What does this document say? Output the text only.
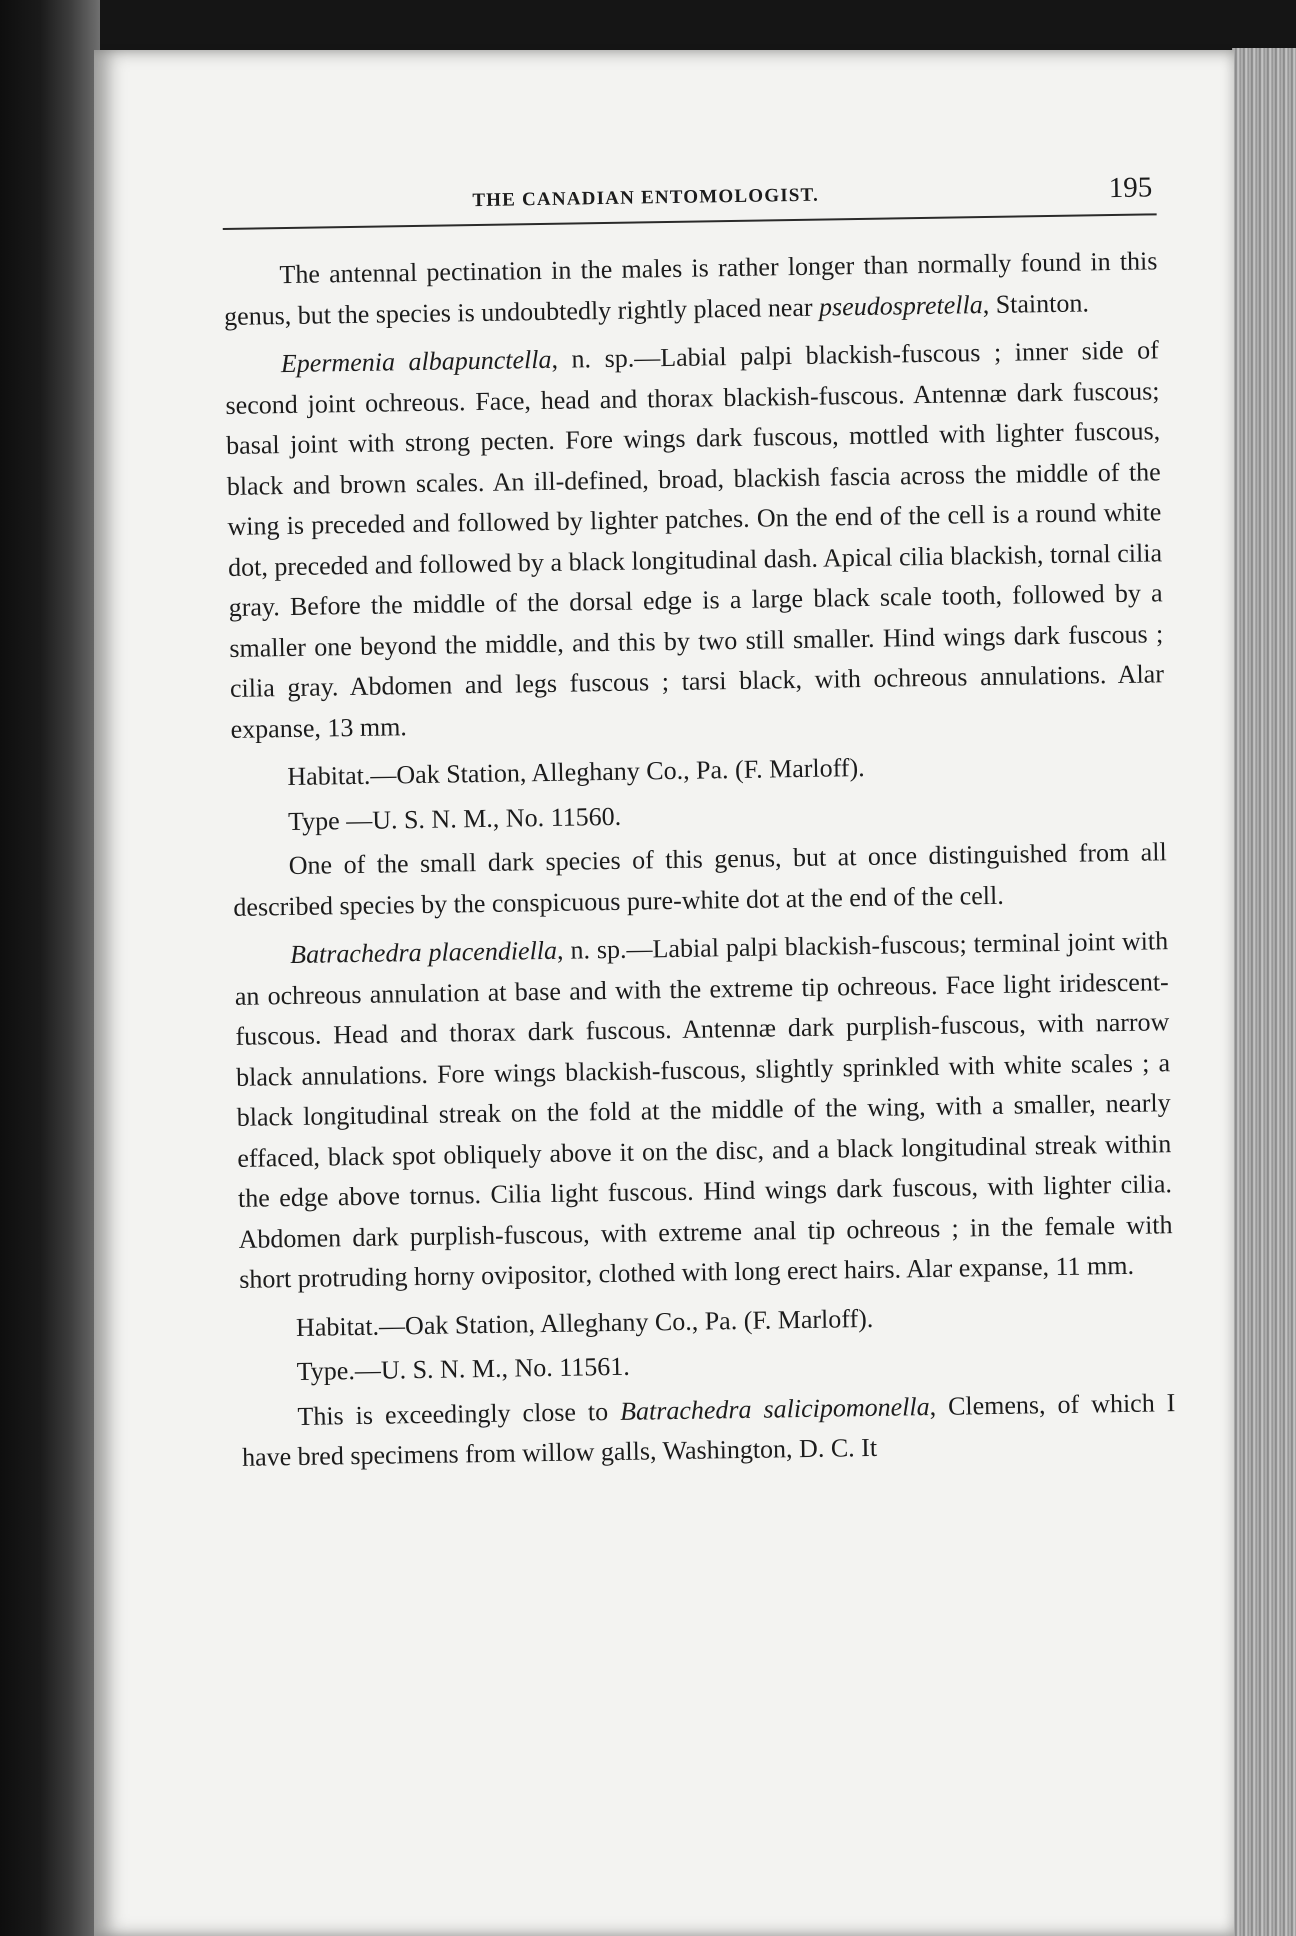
THE CANADIAN ENTOMOLOGIST.	195

The antennal pectination in the males is rather longer than normally found in this genus, but the species is undoubtedly rightly placed near pseudospretella, Stainton.

Epermenia albapunctella, n. sp.—Labial palpi blackish-fuscous ; inner side of second joint ochreous. Face, head and thorax blackish-fuscous. Antennæ dark fuscous; basal joint with strong pecten. Fore wings dark fuscous, mottled with lighter fuscous, black and brown scales. An ill-defined, broad, blackish fascia across the middle of the wing is preceded and followed by lighter patches. On the end of the cell is a round white dot, preceded and followed by a black longitudinal dash. Apical cilia blackish, tornal cilia gray. Before the middle of the dorsal edge is a large black scale tooth, followed by a smaller one beyond the middle, and this by two still smaller. Hind wings dark fuscous ; cilia gray. Abdomen and legs fuscous ; tarsi black, with ochreous annulations. Alar expanse, 13 mm.

Habitat.—Oak Station, Alleghany Co., Pa. (F. Marloff).

Type —U. S. N. M., No. 11560.

One of the small dark species of this genus, but at once distinguished from all described species by the conspicuous pure-white dot at the end of the cell.

Batrachedra placendiella, n. sp.—Labial palpi blackish-fuscous; terminal joint with an ochreous annulation at base and with the extreme tip ochreous. Face light iridescent-fuscous. Head and thorax dark fuscous. Antennæ dark purplish-fuscous, with narrow black annulations. Fore wings blackish-fuscous, slightly sprinkled with white scales ; a black longitudinal streak on the fold at the middle of the wing, with a smaller, nearly effaced, black spot obliquely above it on the disc, and a black longitudinal streak within the edge above tornus. Cilia light fuscous. Hind wings dark fuscous, with lighter cilia. Abdomen dark purplish-fuscous, with extreme anal tip ochreous ; in the female with short protruding horny ovipositor, clothed with long erect hairs. Alar expanse, 11 mm.

Habitat.—Oak Station, Alleghany Co., Pa. (F. Marloff).

Type.—U. S. N. M., No. 11561.

This is exceedingly close to Batrachedra salicipomonella, Clemens, of which I have bred specimens from willow galls, Washington, D. C. It
